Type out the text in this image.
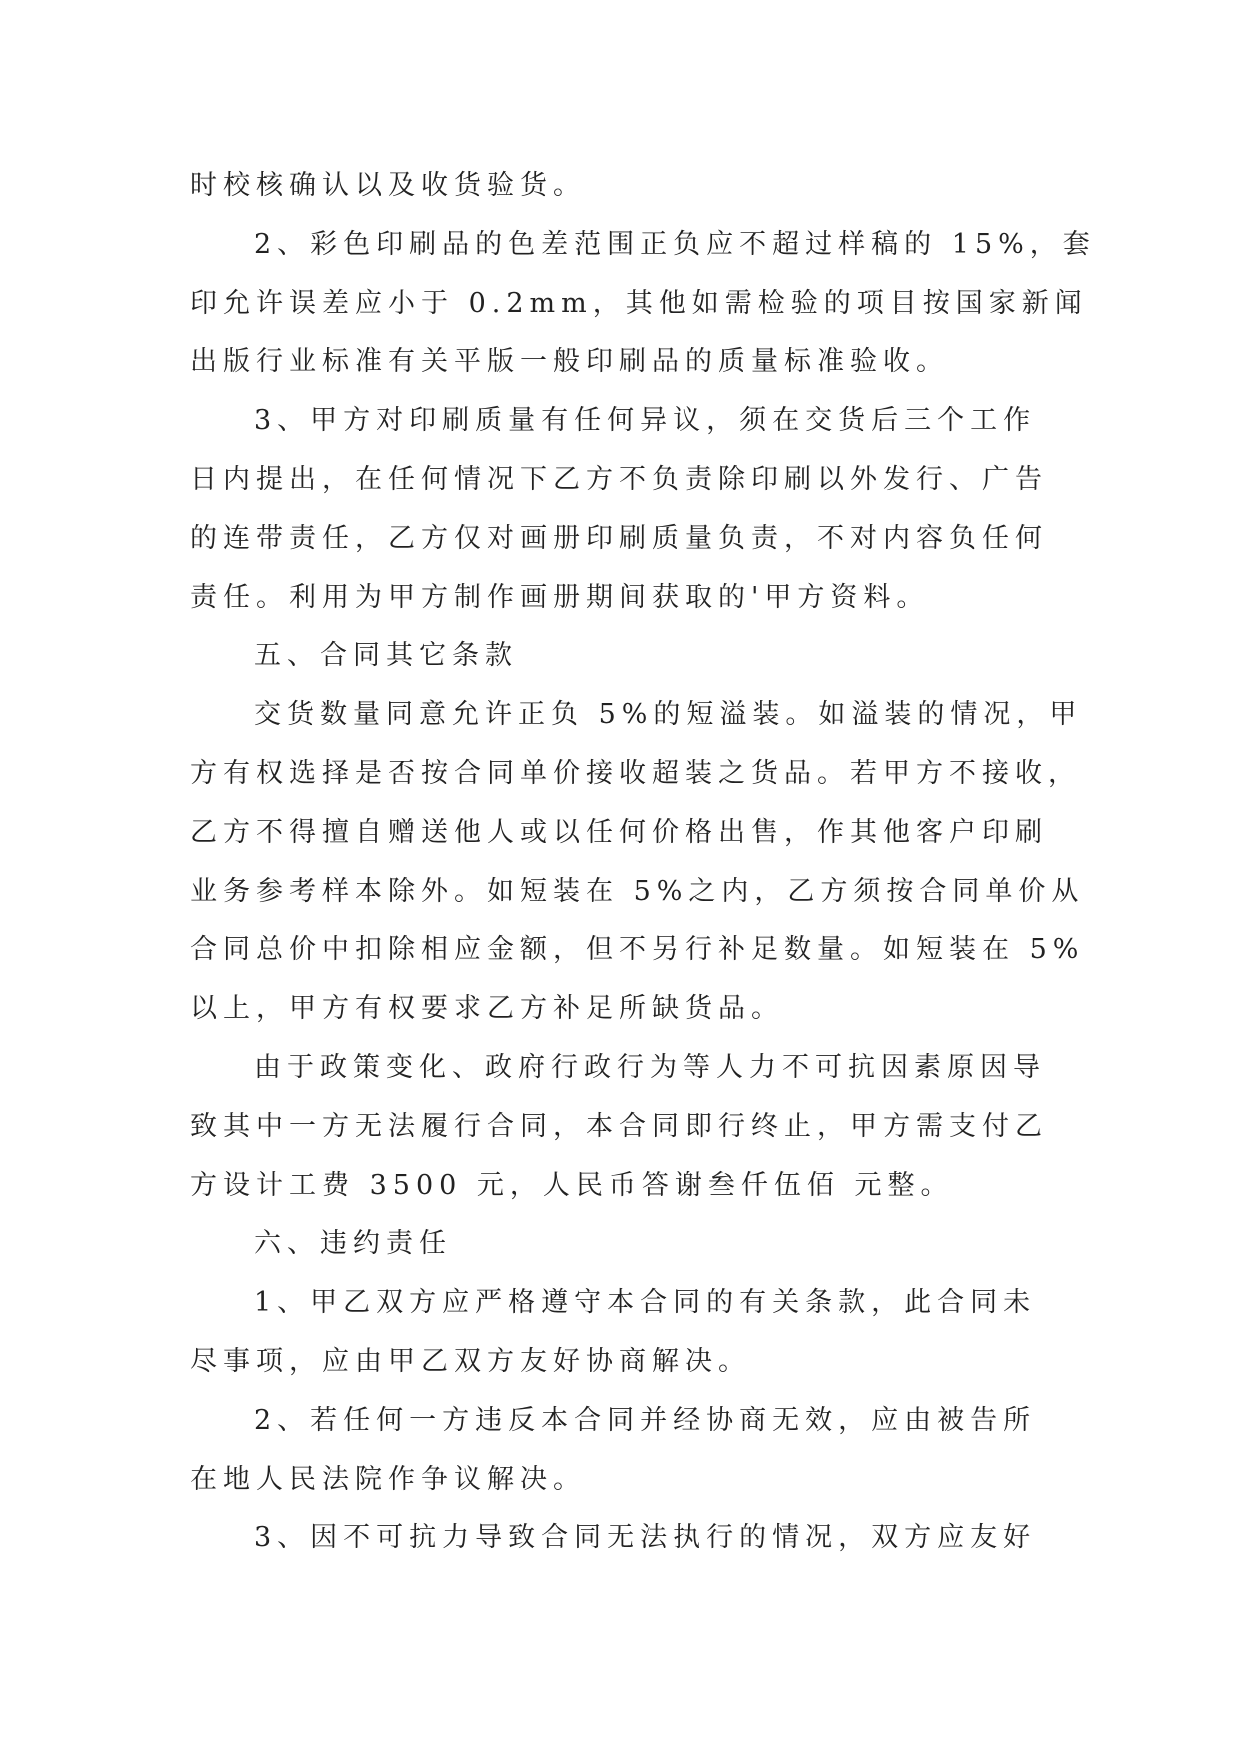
时校核确认以及收货验货。
2、彩色印刷品的色差范围正负应不超过样稿的 15%，套
印允许误差应小于 0.2mm，其他如需检验的项目按国家新闻
出版行业标准有关平版一般印刷品的质量标准验收。
3、甲方对印刷质量有任何异议，须在交货后三个工作
日内提出，在任何情况下乙方不负责除印刷以外发行、广告
的连带责任，乙方仅对画册印刷质量负责，不对内容负任何
责任。利用为甲方制作画册期间获取的'甲方资料。
五、合同其它条款
交货数量同意允许正负 5%的短溢装。如溢装的情况，甲
方有权选择是否按合同单价接收超装之货品。若甲方不接收，
乙方不得擅自赠送他人或以任何价格出售，作其他客户印刷
业务参考样本除外。如短装在 5%之内，乙方须按合同单价从
合同总价中扣除相应金额，但不另行补足数量。如短装在 5%
以上，甲方有权要求乙方补足所缺货品。
由于政策变化、政府行政行为等人力不可抗因素原因导
致其中一方无法履行合同，本合同即行终止，甲方需支付乙
方设计工费 3500 元，人民币答谢叁仟伍佰 元整。
六、违约责任
1、甲乙双方应严格遵守本合同的有关条款，此合同未
尽事项，应由甲乙双方友好协商解决。
2、若任何一方违反本合同并经协商无效，应由被告所
在地人民法院作争议解决。
3、因不可抗力导致合同无法执行的情况，双方应友好
